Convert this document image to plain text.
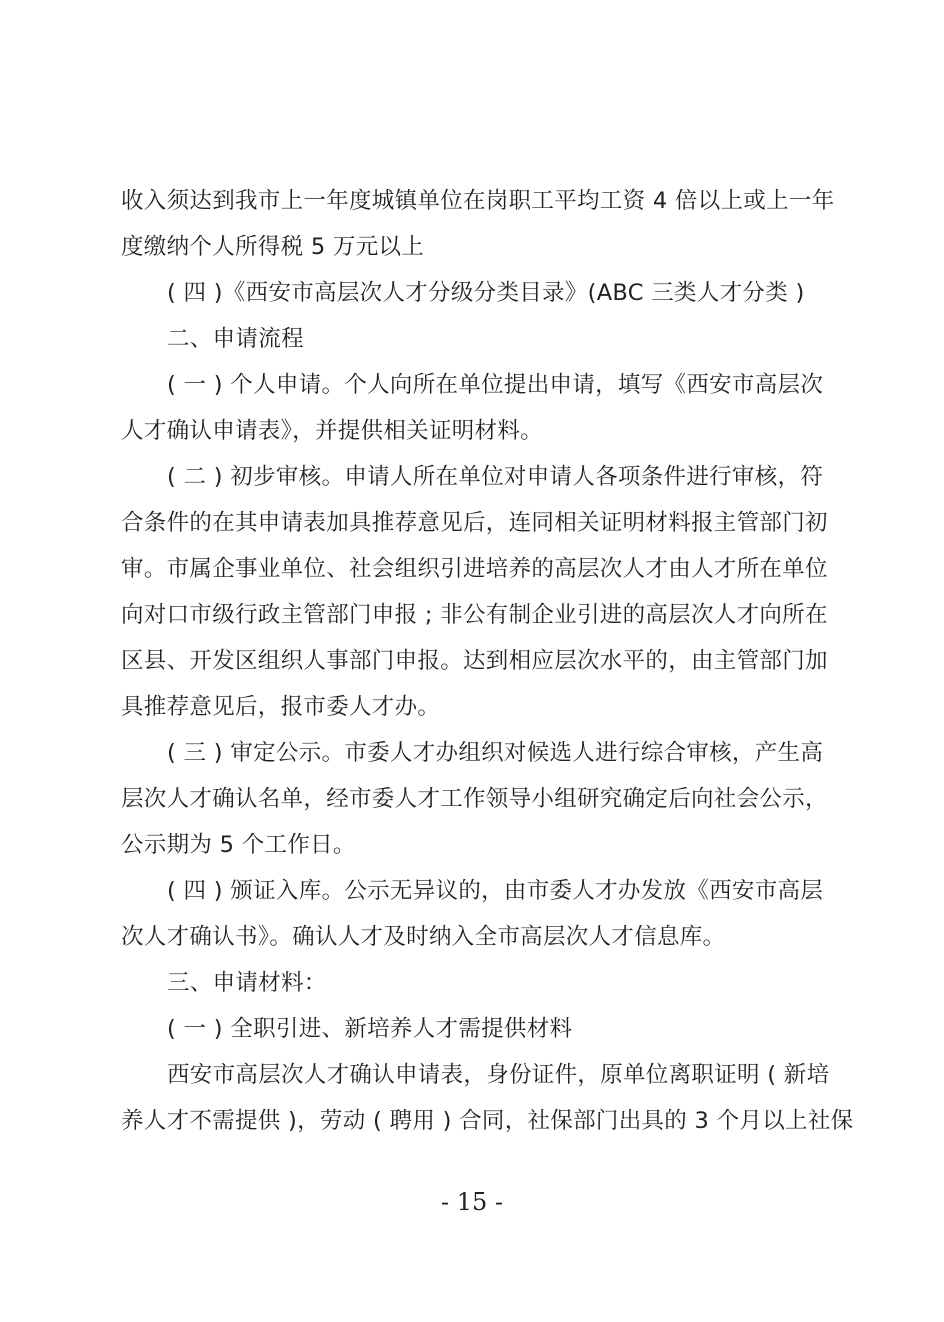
收入须达到我市上一年度城镇单位在岗职工平均工资 4 倍以上或上一年
度缴纳个人所得税 5 万元以上
( 四 )《西安市高层次人才分级分类目录》(ABC 三类人才分类 )
二、申请流程
( 一 ) 个人申请。个人向所在单位提出申请，填写《西安市高层次
人才确认申请表》，并提供相关证明材料。
( 二 ) 初步审核。申请人所在单位对申请人各项条件进行审核，符
合条件的在其申请表加具推荐意见后，连同相关证明材料报主管部门初
审。市属企事业单位、社会组织引进培养的高层次人才由人才所在单位
向对口市级行政主管部门申报 ; 非公有制企业引进的高层次人才向所在
区县、开发区组织人事部门申报。达到相应层次水平的，由主管部门加
具推荐意见后，报市委人才办。
( 三 ) 审定公示。市委人才办组织对候选人进行综合审核，产生高
层次人才确认名单，经市委人才工作领导小组研究确定后向社会公示，
公示期为 5 个工作日。
( 四 ) 颁证入库。公示无异议的，由市委人才办发放《西安市高层
次人才确认书》。确认人才及时纳入全市高层次人才信息库。
三、申请材料：
( 一 ) 全职引进、新培养人才需提供材料
西安市高层次人才确认申请表，身份证件，原单位离职证明 ( 新培
养人才不需提供 )，劳动 ( 聘用 ) 合同，社保部门出具的 3 个月以上社保
- 15 -
